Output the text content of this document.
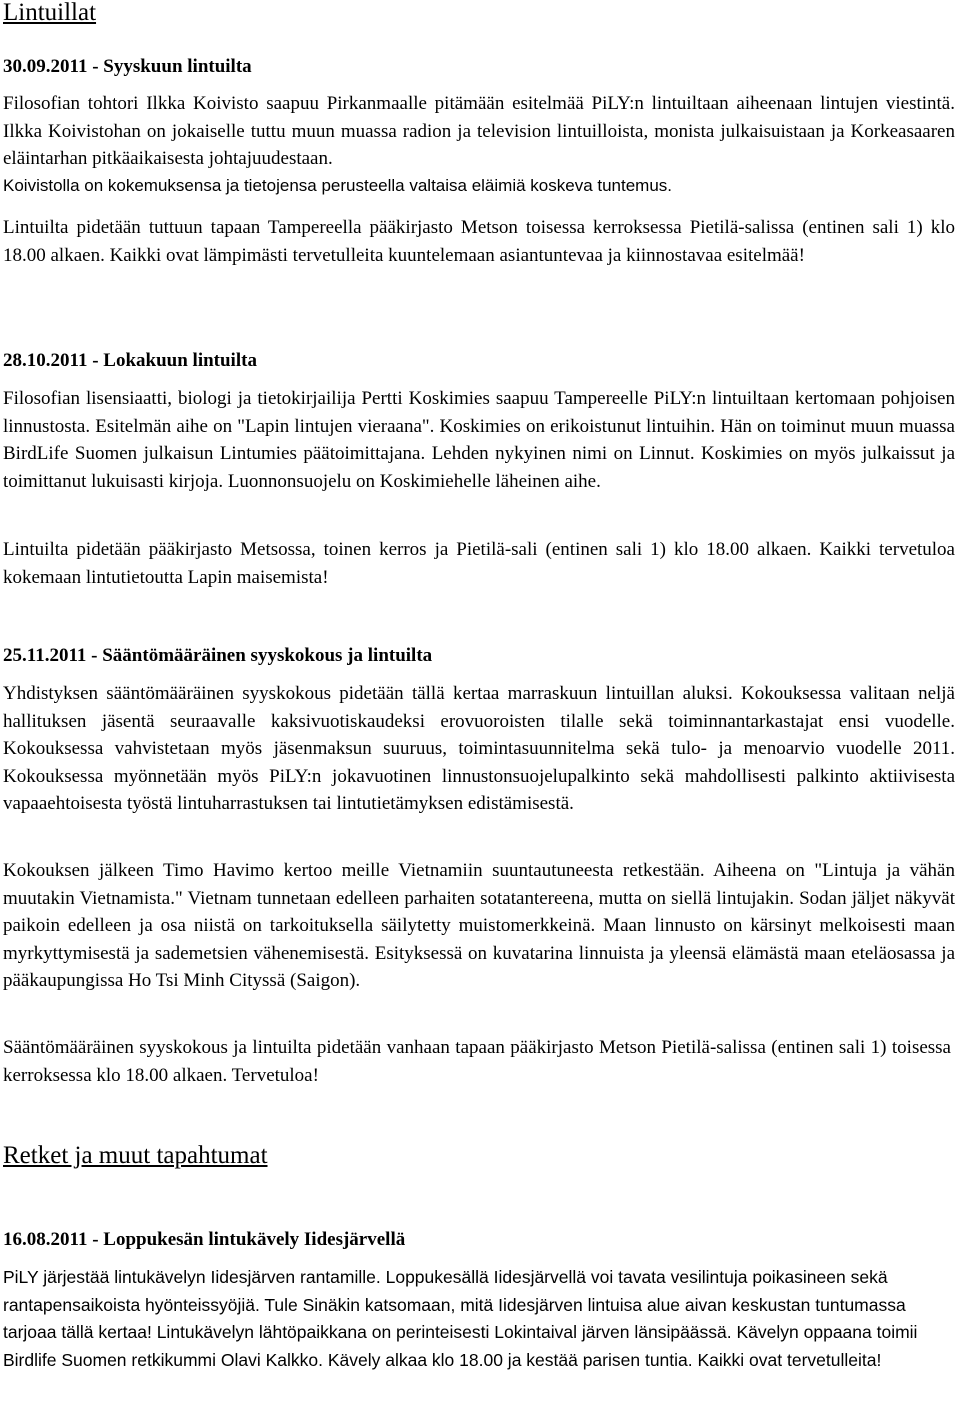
Lintuillat
30.09.2011 - Syyskuun lintuilta

Filosofian tohtori Ilkka Koivisto saapuu Pirkanmaalle pitämään esitelmää PiLY:n lintuiltaan aiheenaan lintujen viestintä. Ilkka Koivistohan on jokaiselle tuttu muun muassa radion ja television lintuilloista, monista julkaisuistaan ja Korkeasaaren eläintarhan pitkäaikaisesta johtajuudestaan.

Koivistolla on kokemuksensa ja tietojensa perusteella valtaisa eläimiä koskeva tuntemus.

Lintuilta pidetään tuttuun tapaan Tampereella pääkirjasto Metson toisessa kerroksessa Pietilä-salissa (entinen sali 1) klo 18.00 alkaen. Kaikki ovat lämpimästi tervetulleita kuuntelemaan asiantuntevaa ja kiinnostavaa esitelmää!

28.10.2011 - Lokakuun lintuilta

Filosofian lisensiaatti, biologi ja tietokirjailija Pertti Koskimies saapuu Tampereelle PiLY:n lintuiltaan kertomaan pohjoisen linnustosta. Esitelmän aihe on "Lapin lintujen vieraana". Koskimies on erikoistunut lintuihin. Hän on toiminut muun muassa BirdLife Suomen julkaisun Lintumies päätoimittajana. Lehden nykyinen nimi on Linnut. Koskimies on myös julkaissut ja toimittanut lukuisasti kirjoja. Luonnonsuojelu on Koskimiehelle läheinen aihe.

Lintuilta pidetään pääkirjasto Metsossa, toinen kerros ja Pietilä-sali (entinen sali 1) klo 18.00 alkaen. Kaikki tervetuloa kokemaan lintutietoutta Lapin maisemista!

25.11.2011 - Sääntömääräinen syyskokous ja lintuilta

Yhdistyksen sääntömääräinen syyskokous pidetään tällä kertaa marraskuun lintuillan aluksi. Kokouksessa valitaan neljä hallituksen jäsentä seuraavalle kaksivuotiskaudeksi erovuoroisten tilalle sekä toiminnantarkastajat ensi vuodelle. Kokouksessa vahvistetaan myös jäsenmaksun suuruus, toimintasuunnitelma sekä tulo- ja menoarvio vuodelle 2011. Kokouksessa myönnetään myös PiLY:n jokavuotinen linnustonsuojelupalkinto sekä mahdollisesti palkinto aktiivisesta vapaaehtoisesta työstä lintuharrastuksen tai lintutietämyksen edistämisestä.

Kokouksen jälkeen Timo Havimo kertoo meille Vietnamiin suuntautuneesta retkestään. Aiheena on "Lintuja ja vähän muutakin Vietnamista." Vietnam tunnetaan edelleen parhaiten sotatantereena, mutta on siellä lintujakin. Sodan jäljet näkyvät paikoin edelleen ja osa niistä on tarkoituksella säilytetty muistomerkkeinä. Maan linnusto on kärsinyt melkoisesti maan myrkyttymisestä ja sademetsien vähenemisestä. Esityksessä on kuvatarina linnuista ja yleensä elämästä maan eteläosassa ja pääkaupungissa Ho Tsi Minh Cityssä (Saigon).

Sääntömääräinen syyskokous ja lintuilta pidetään vanhaan tapaan pääkirjasto Metson Pietilä-salissa (entinen sali 1) toisessa kerroksessa klo 18.00 alkaen. Tervetuloa!

Retket ja muut tapahtumat
16.08.2011 - Loppukesän lintukävely Iidesjärvellä

PiLY järjestää lintukävelyn Iidesjärven rantamille. Loppukesällä Iidesjärvellä voi tavata vesilintuja poikasineen sekä rantapensaikoista hyönteissyöjiä. Tule Sinäkin katsomaan, mitä Iidesjärven lintuisa alue aivan keskustan tuntumassa tarjoaa tällä kertaa! Lintukävelyn lähtöpaikkana on perinteisesti Lokintaival järven länsipäässä. Kävelyn oppaana toimii Birdlife Suomen retkikummi Olavi Kalkko. Kävely alkaa klo 18.00 ja kestää parisen tuntia. Kaikki ovat tervetulleita!
